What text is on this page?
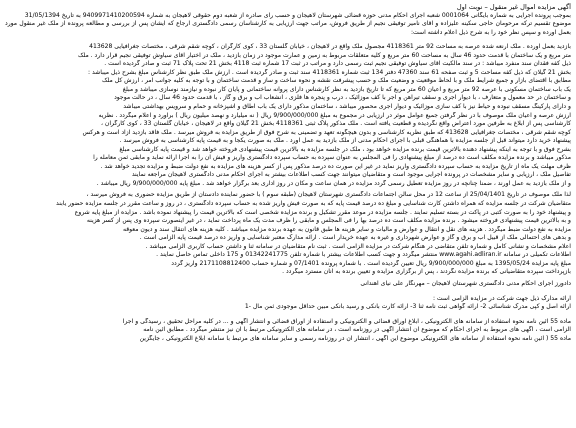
آگهی مزایده اموال غیر منقول – نوبت اول
بموجب پرونده اجرایی به شماره بایگانی 0001064 شعبه اجرای احکام مدنی حوزه قضائی شهرستان لاهیجان و حسب رای صادره از شعبه دوم حقوقی لاهیجان به شماره 9409971410200594 به تاریخ 31/05/1394
موضوع تقسیم ترکه مرحومان حاجی سکینه علیزاده و آقای نامیر توفیقی نجیم از طریق فروش، مراتب جهت ارزیابی به کارشناسان رسمی دادگستری ارجاع که ایشان پس از بررسی و مطالعه پرونده از ملک غیر منقول مورد
بعمل آورده و سپس نظر خود را به شرح ذیل اعلام داشته است:
بازدید بعمل آورده . ملک ارنعه شده عرصه به مساحت 92 متر 4118361 مجصول ملک واقع در لاهیجان ، خیابان گلستان 33 ، کوی کارگران ، کوچه شقم شرقی ، مختصات جغرافیایی 413628
متر مربع و یک ساختمان با قدمت حدود 46 سال به مساحت 60 متر مربع و کلیه متعلقات مربوط به زمین و عمارت موجود در زمان بازدید ، ملک در اختیار آقای سیاوش توفیقی نجیم قرار دارد . ملک
ذیل کفه فقدان سند منفرد میباشد : در سند مالکیت آقای سیاوش توفیقی نجیم ثبت رسمی دارد و مراتب در ثبت 17 شماره ثبت 4118 بخش 21 تحت پلاک 71 ثبت و صادر گردیده است .
بخش 21 گیلان که ذیل کفه مساحت 5 و ثبت صفحه 61 سند 47360 دفتر 134 ثبت شماره 4118361 سند ثبت و صادر گردیده است . ارزش ملک طبق نظر کارشناس مبلغ بشرح ذیل میباشد :
مطابق با اقتضای بازار و جمیع شرایط ملک و با لحاظ موقعیت و وضعیت ملک و حسب پیشرفت نقشه و نحوه ساخت و ساز و قدمت ساختمان و با توجه به کلیه جوانب امر ، ارزش کل ملک
یک باب ساختمان مسکونی با عرصه 92 متر مربع و اعیان 60 متر مربع که تا تاریخ بازدید به نظر کارشناس دارای پروانه ساختمانی و پایان کار نبوده و نیازمند نوسازی میباشد و مبلغ
و ساختمان در حد معمول و متعارف ، با دیوار آجری و سقف تیرآهن و آجر با کف موزائیک ، درب و پنجره ها فلزی ، انشعاب آب و برق و گاز ، با قدمت حدود 46 سال ، در حالت موجود
و دارای پارکینگ مسقف نبوده و حیاط نیز با کف سازی موزائیک و دیوار آجری محصور میباشد ، ساختمان مذکور دارای یک باب اطاق و آشپزخانه و حمام و سرویس بهداشتی میباشد
ارزش عرصه و اعیان ملک موصوف با در نظر گرفتن جمیع عوامل موثر در ارزیابی در مجموع به مبلغ 9/900/000/000 ریال ( نه میلیارد و نهصد میلیون ریال ) برآورد و اعلام میگردد . نظریه
کارشناسی پس از ابلاغ به طرفین مورد اعتراض واقع نگردیده و قطعیت یافته است . ملک مذکور پلاک ثبتی 4118361 بخش 21 گیلان واقع در لاهیجان ، خیابان گلستان 33 ، کوی کارگران ،
کوچه شقم شرقی ، مختصات جغرافیایی 413628 که طبق نظریه کارشناسی و بدون هیچگونه تعهد و تضمینی به شرح فوق از طریق مزایده به فروش میرسد . ملک فاقد بازدید آزاد است و هرکس
پیشنهاد خرید دارد میتواند قبل از جلسه مزایده با هماهنگی قبلی با اجرای احکام مدنی از ملک بازدید به عمل آورد . ملک به صورت یکجا و به قیمت پایه کارشناسی به فروش میرسد .
بشرح فوق و با توجه به اینکه پیشنهاد دهنده بالاترین قیمت برنده مزایده خواهد بود ، ملک در جلسه مزایده به بالاترین قیمت پیشنهادی فروخته خواهد شد و قیمت پایه کارشناسی مبلغ
مذکور میباشد و برنده مزایده مکلف است ده درصد از مبلغ پیشنهادی را فی المجلس به عنوان سپرده به حساب سپرده دادگستری واریز و فیش آن را به اجرا ارائه نماید و مابقی ثمن معامله را
ظرف مهلت یک ماه از تاریخ مزایده به حساب سپرده دادگستری واریز نماید در غیر این صورت ده درصد مذکور پس از کسر هزینه های مزایده به نفع دولت ضبط و مزایده تجدید خواهد شد .
تفاصیل ملک ، ارزیابی و سایر مشخصات در پرونده اجرایی موجود است و متقاضیان میتوانند جهت کسب اطلاعات بیشتر به اجرای احکام مدنی دادگستری لاهیجان مراجعه نمایند
و از ملک بازدید به عمل آورند ، ضمنا چنانچه در روز مزایده تعطیل رسمی گردد مزایده در همان ساعت و مکان در روز اداری بعد برگزار خواهد شد . مبلغ پایه 9/900/000/000 ریال میباشد .
لذا ملک موصوف در تاریخ 25/04/1401 از ساعت 12 در محل سالن اجتماعات دادگستری شهرستان لاهیجان (طبقه سوم ) با حضور نماینده دادستان از طریق مزایده حضوری به فروش میرسد ،
متقاضیان شرکت در جلسه مزایده که همراه داشتن کارت شناسایی و مبلغ ده درصد قیمت پایه که به صورت فیش واریز شده به حساب سپرده دادگستری ، در روز و ساعت مقرر در جلسه مزایده حضور یابند
و پیشنهاد خود را به صورت کتبی در پاکت در بسته تسلیم نمایند . جلسه مزایده در موعد مقرر تشکیل و برنده مزایده شخصی است که بالاترین قیمت را پیشنهاد نموده باشد . مزایده از مبلغ پایه شروع
و به بالاترین قیمت پیشنهادی فروخته میشود . برنده مزایده مکلف است ده درصد بها را فی المجلس و مابقی را ظرف مدت یک ماه پرداخت نماید ، در غیر اینصورت سپرده وی پس از کسر هزینه
مزایده به نفع دولت ضبط میگردد . هزینه های نقل و انتقال و عوارض و مالیات و سایر هزینه ها طبق قانون به عهده برنده مزایده میباشد . کلیه هزینه های انتقال سند و دیون معوقه
و بدهی های احتمالی ملک از قبیل آب و برق و گاز و عوارض شهرداری و غیره به عهده خریدار است . ارائه مدارک معتبر شناسایی و واریز ده درصد قیمت پایه الزامی است .
اعلام مشخصات و نشانی کامل و شماره تلفن متقاضی در هنگام شرکت در مزایده الزامی است . ثبت نام متقاضیان در سامانه ثنا و داشتن حساب کاربری الزامی میباشد .
اطلاعات تکمیلی در سامانه www.agahi.adliran.ir منتشر میگردد و جهت کسب اطلاعات بیشتر با شماره تلفن 01342241775 و 175 داخلی تماس حاصل نمایند .
مبلغ پایه مزایده 1395/05/24 به مبلغ 9/900/000/000 ریال تعیین گردیده است . با شماره پرونده 07/1401 و شماره حساب 2171108812400 واریز گردد
بازپرداخت سپرده متقاضیانی که برنده مزایده نگردند ، پس از برگزاری مزایده و تعیین برنده به آنان مسترد میگردد .
دادورز اجرای احکام مدنی دادگستری شهرستان لاهیجان – مهرنگار علی نیای آهندانی
ارائه مدارک ذیل جهت شرکت در مزایده الزامی است :
ارائه اصل و کپی مدرک شناسائی 2- ارائه گواهی ثبت نامه ثنا 3- ارائه کارت بانکی و رسید بانکی مبین حداقل موجودی ثمن مال -1
ماده 55 آئین نامه نحوه استفاده از سامانه های الکترونیکی ، ابلاغ اوراق قضائی و الکترونیکی و استفاده از اوراق قضائی و انتشار آگهی و ... در کلیه مراحل تحقیق ، رسیدگی و اجرا
الزامی است ، آگهی های مربوط به اجرای احکام که موضوع آن انتشار آگهی در روزنامه است ، در سامانه های الکترونیکی مرتبط با آن نیز منتشر میگردد . مطابق آئین نامه
ماده 55 ( آئین نامه نحوه استفاده از سامانه های الکترونیکی موضوع این آگهی ، انتشار آن در روزنامه رسمی و سایر سامانه های مرتبط با سامانه ابلاغ الکترونیکی ، جایگزین
